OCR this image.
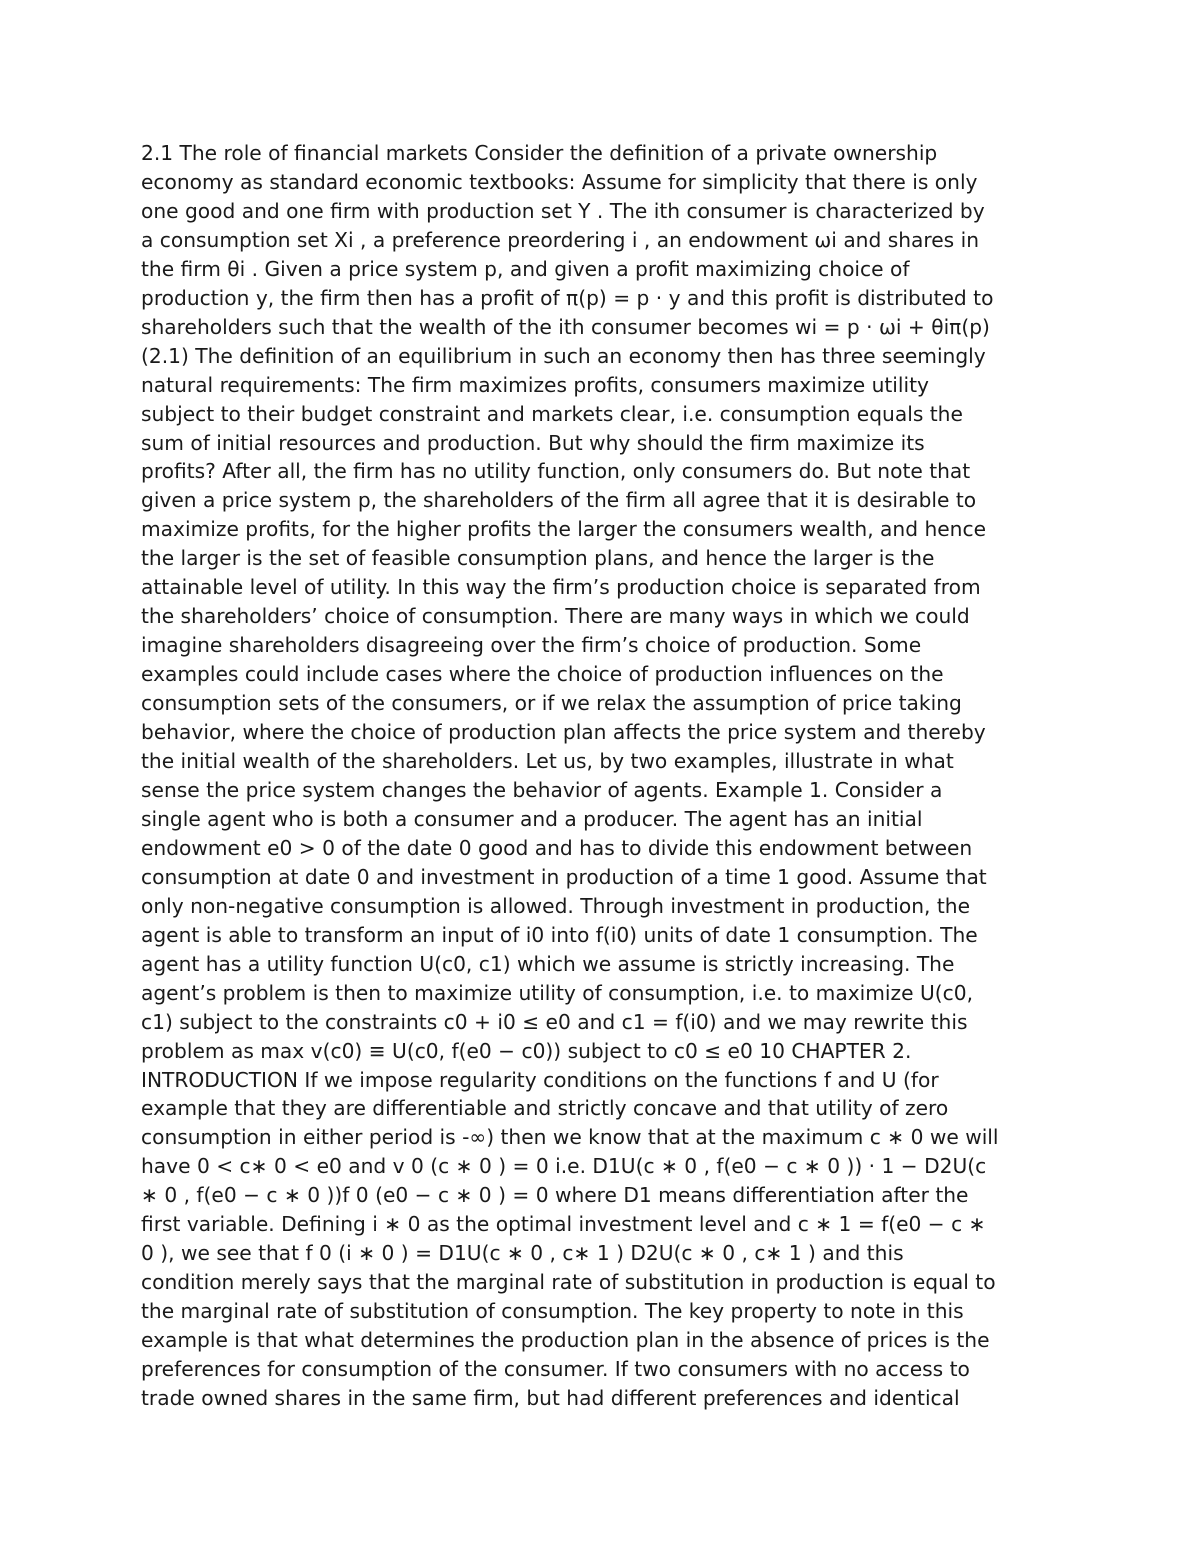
2.1 The role of financial markets Consider the definition of a private ownership
economy as standard economic textbooks: Assume for simplicity that there is only
one good and one firm with production set Y . The ith consumer is characterized by
a consumption set Xi , a preference preordering i , an endowment ωi and shares in
the firm θi . Given a price system p, and given a profit maximizing choice of
production y, the firm then has a profit of π(p) = p · y and this profit is distributed to
shareholders such that the wealth of the ith consumer becomes wi = p · ωi + θiπ(p)
(2.1) The definition of an equilibrium in such an economy then has three seemingly
natural requirements: The firm maximizes profits, consumers maximize utility
subject to their budget constraint and markets clear, i.e. consumption equals the
sum of initial resources and production. But why should the firm maximize its
profits? After all, the firm has no utility function, only consumers do. But note that
given a price system p, the shareholders of the firm all agree that it is desirable to
maximize profits, for the higher profits the larger the consumers wealth, and hence
the larger is the set of feasible consumption plans, and hence the larger is the
attainable level of utility. In this way the firm’s production choice is separated from
the shareholders’ choice of consumption. There are many ways in which we could
imagine shareholders disagreeing over the firm’s choice of production. Some
examples could include cases where the choice of production influences on the
consumption sets of the consumers, or if we relax the assumption of price taking
behavior, where the choice of production plan affects the price system and thereby
the initial wealth of the shareholders. Let us, by two examples, illustrate in what
sense the price system changes the behavior of agents. Example 1. Consider a
single agent who is both a consumer and a producer. The agent has an initial
endowment e0 > 0 of the date 0 good and has to divide this endowment between
consumption at date 0 and investment in production of a time 1 good. Assume that
only non-negative consumption is allowed. Through investment in production, the
agent is able to transform an input of i0 into f(i0) units of date 1 consumption. The
agent has a utility function U(c0, c1) which we assume is strictly increasing. The
agent’s problem is then to maximize utility of consumption, i.e. to maximize U(c0,
c1) subject to the constraints c0 + i0 ≤ e0 and c1 = f(i0) and we may rewrite this
problem as max v(c0) ≡ U(c0, f(e0 − c0)) subject to c0 ≤ e0 10 CHAPTER 2.
INTRODUCTION If we impose regularity conditions on the functions f and U (for
example that they are differentiable and strictly concave and that utility of zero
consumption in either period is -∞) then we know that at the maximum c ∗ 0 we will
have 0 < c∗ 0 < e0 and v 0 (c ∗ 0 ) = 0 i.e. D1U(c ∗ 0 , f(e0 − c ∗ 0 )) · 1 − D2U(c
∗ 0 , f(e0 − c ∗ 0 ))f 0 (e0 − c ∗ 0 ) = 0 where D1 means differentiation after the
first variable. Defining i ∗ 0 as the optimal investment level and c ∗ 1 = f(e0 − c ∗
0 ), we see that f 0 (i ∗ 0 ) = D1U(c ∗ 0 , c∗ 1 ) D2U(c ∗ 0 , c∗ 1 ) and this
condition merely says that the marginal rate of substitution in production is equal to
the marginal rate of substitution of consumption. The key property to note in this
example is that what determines the production plan in the absence of prices is the
preferences for consumption of the consumer. If two consumers with no access to
trade owned shares in the same firm, but had different preferences and identical
